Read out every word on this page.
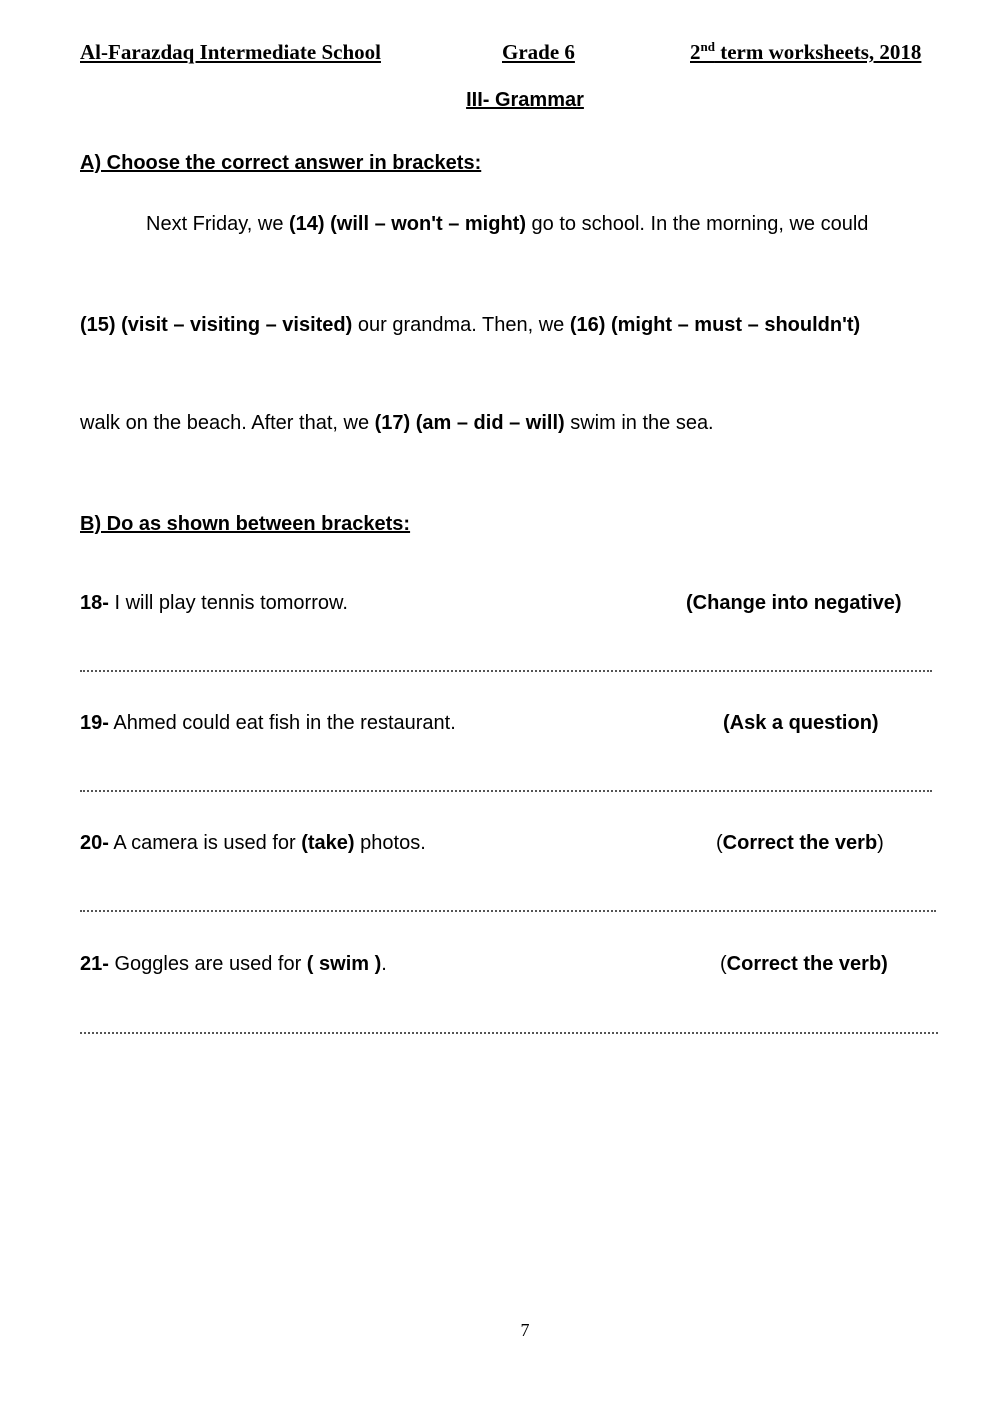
Al-Farazdaq Intermediate School	Grade 6	2nd term worksheets, 2018
III- Grammar
A) Choose the correct answer in brackets:
Next Friday, we (14) (will – won't – might) go to school. In the morning, we could
(15) (visit – visiting – visited) our grandma. Then, we (16) (might – must – shouldn't)
walk on the beach. After that, we (17) (am – did – will) swim in the sea.
B) Do as shown between brackets:
18- I will play tennis tomorrow.	(Change into negative)
19- Ahmed could eat fish in the restaurant.	(Ask a question)
20- A camera is used for (take) photos.	(Correct the verb)
21- Goggles are used for ( swim ).	(Correct the verb)
7
